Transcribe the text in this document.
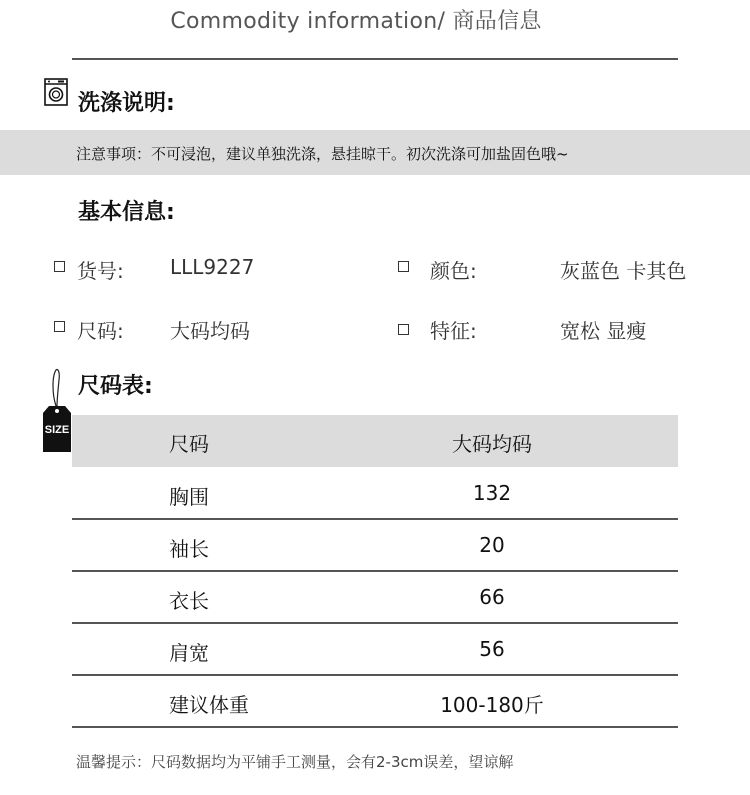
Commodity information/ 商品信息
洗涤说明:
注意事项：不可浸泡，建议单独洗涤，悬挂晾干。初次洗涤可加盐固色哦~
基本信息:
货号: LLL9227	颜色:	灰蓝色 卡其色
尺码: 大码均码	特征:	宽松 显瘦
SIZE
尺码表:
尺码	大码均码
胸围	132
袖长	20
衣长	66
肩宽	56
建议体重	100-180斤
温馨提示：尺码数据均为平铺手工测量，会有2-3cm误差，望谅解
